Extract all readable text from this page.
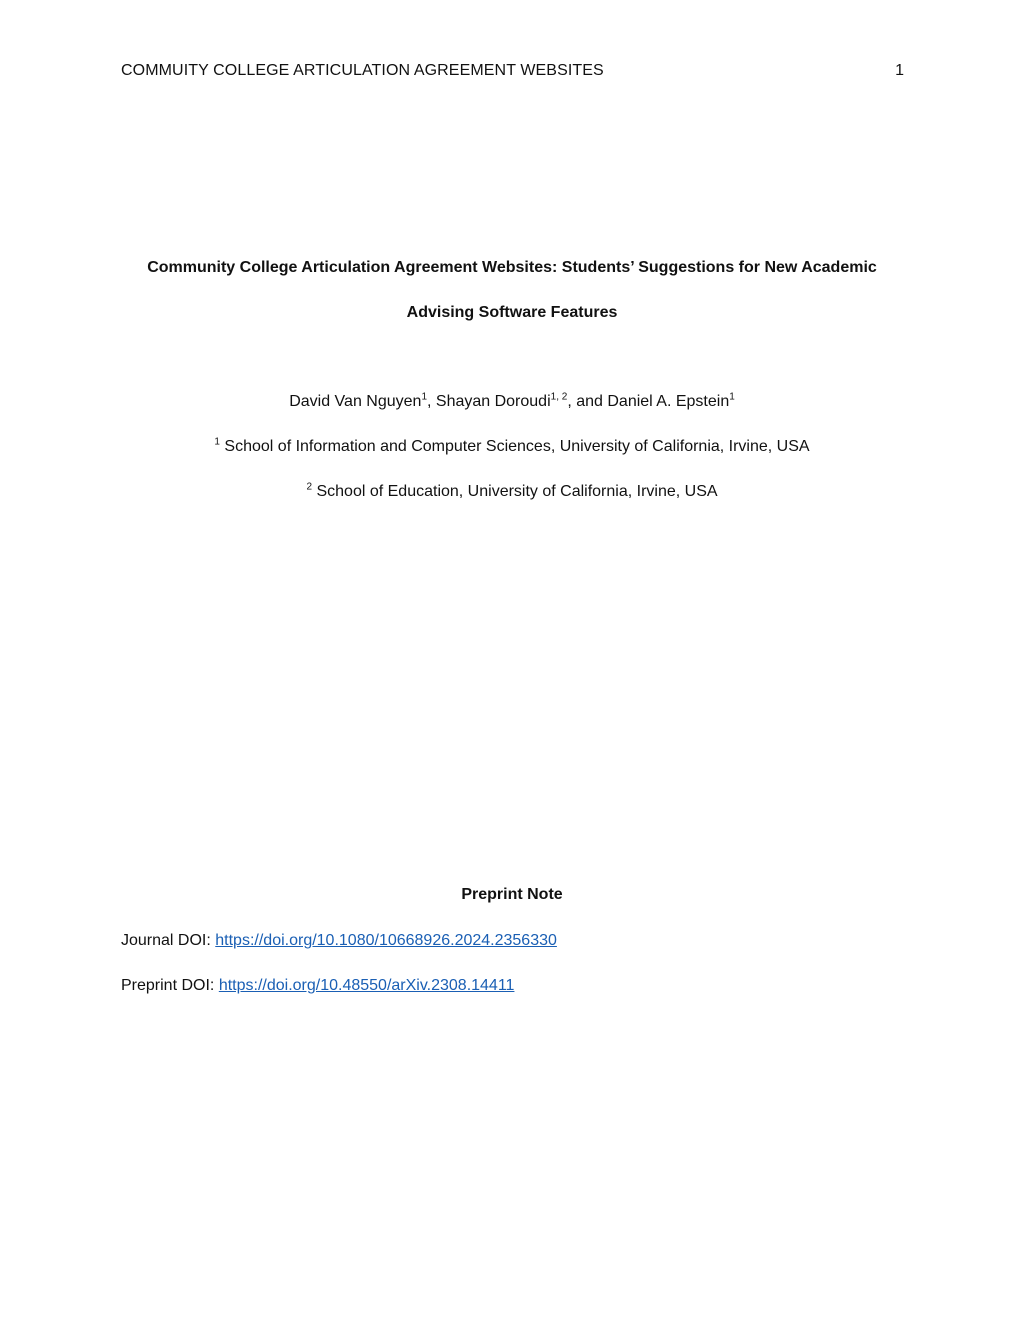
COMMUITY COLLEGE ARTICULATION AGREEMENT WEBSITES	1

Community College Articulation Agreement Websites: Students’ Suggestions for New Academic

Advising Software Features

David Van Nguyen$^1$, Shayan Doroudi$^{1, 2}$, and Daniel A. Epstein$^1$
$^1$ School of Information and Computer Sciences, University of California, Irvine, USA
$^2$ School of Education, University of California, Irvine, USA
Preprint Note
Journal DOI: https://doi.org/10.1080/10668926.2024.2356330
Preprint DOI: https://doi.org/10.48550/arXiv.2308.14411
